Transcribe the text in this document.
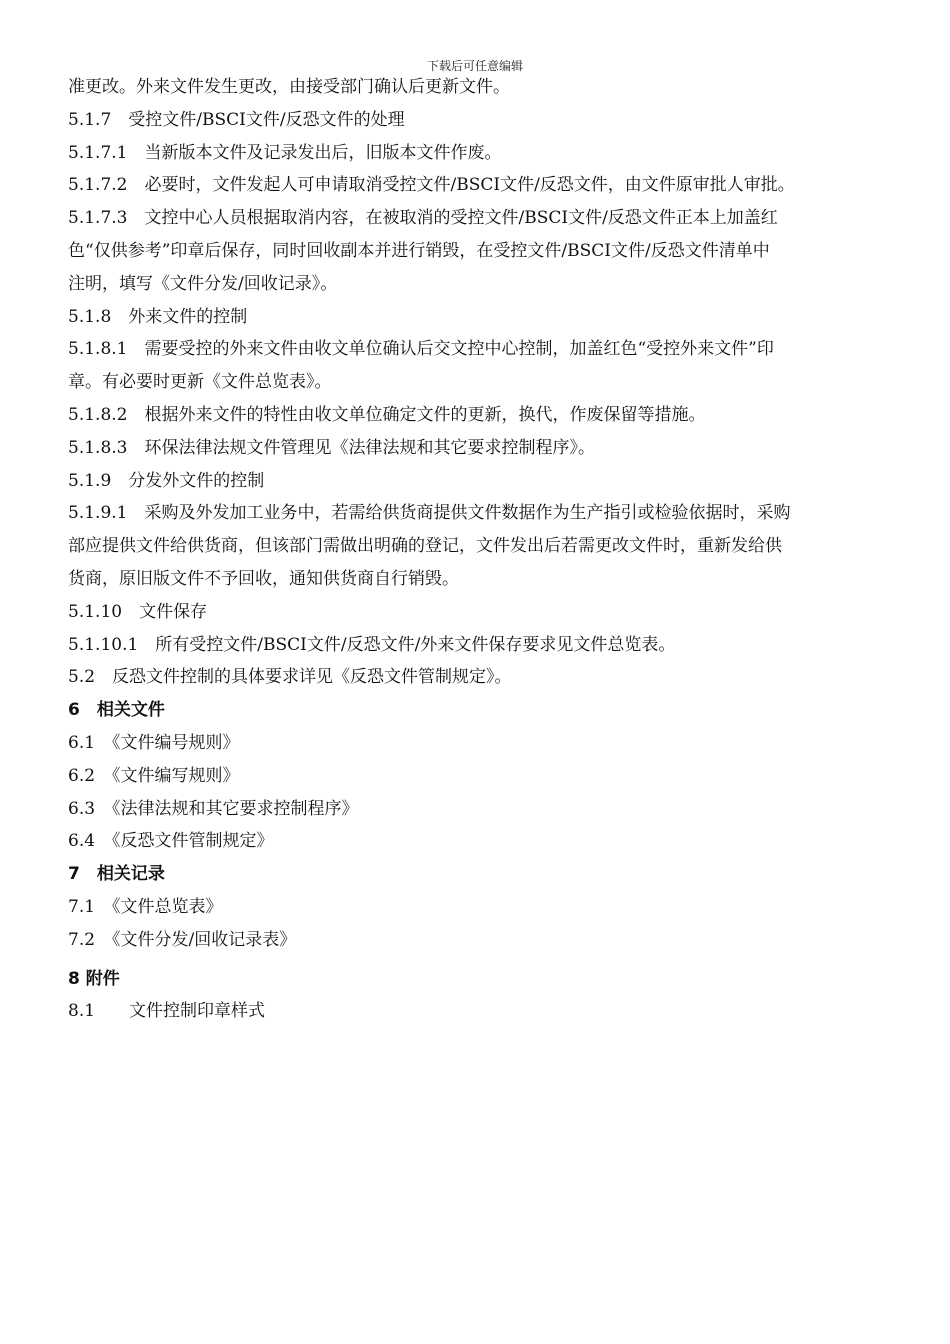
下载后可任意编辑
准更改。外来文件发生更改，由接受部门确认后更新文件。
5.1.7　受控文件/BSCI文件/反恐文件的处理
5.1.7.1　当新版本文件及记录发出后，旧版本文件作废。
5.1.7.2　必要时，文件发起人可申请取消受控文件/BSCI文件/反恐文件，由文件原审批人审批。
5.1.7.3　文控中心人员根据取消内容，在被取消的受控文件/BSCI文件/反恐文件正本上加盖红
色“仅供参考”印章后保存，同时回收副本并进行销毁，在受控文件/BSCI文件/反恐文件清单中
注明，填写《文件分发/回收记录》。
5.1.8　外来文件的控制
5.1.8.1　需要受控的外来文件由收文单位确认后交文控中心控制，加盖红色“受控外来文件”印
章。有必要时更新《文件总览表》。
5.1.8.2　根据外来文件的特性由收文单位确定文件的更新，换代，作废保留等措施。
5.1.8.3　环保法律法规文件管理见《法律法规和其它要求控制程序》。
5.1.9　分发外文件的控制
5.1.9.1　采购及外发加工业务中，若需给供货商提供文件数据作为生产指引或检验依据时，采购
部应提供文件给供货商，但该部门需做出明确的登记，文件发出后若需更改文件时，重新发给供
货商，原旧版文件不予回收，通知供货商自行销毁。
5.1.10　文件保存
5.1.10.1　所有受控文件/BSCI文件/反恐文件/外来文件保存要求见文件总览表。
5.2　反恐文件控制的具体要求详见《反恐文件管制规定》。
6　相关文件
6.1　《文件编号规则》
6.2　《文件编写规则》
6.3　《法律法规和其它要求控制程序》
6.4　《反恐文件管制规定》
7　相关记录
7.1　《文件总览表》
7.2　《文件分发/回收记录表》
8 附件
8.1　　文件控制印章样式
